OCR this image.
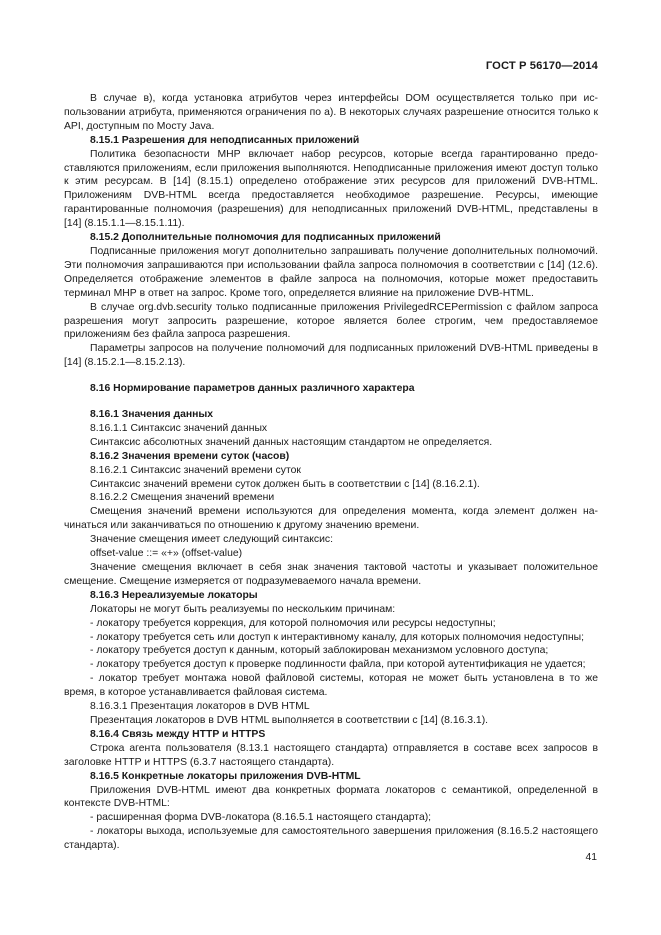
ГОСТ Р 56170—2014

В случае в), когда установка атрибутов через интерфейсы DOM осуществляется только при использовании атрибута, применяются ограничения по а). В некоторых случаях разрешение относится только к API, доступным по Мосту Java.

8.15.1 Разрешения для неподписанных приложений

Политика безопасности МНР включает набор ресурсов, которые всегда гарантированно предоставляются приложениям, если приложения выполняются. Неподписанные приложения имеют доступ только к этим ресурсам. В [14] (8.15.1) определено отображение этих ресурсов для приложений DVB-HTML. Приложениям DVB-HTML всегда предоставляется необходимое разрешение. Ресурсы, имеющие гарантированные полномочия (разрешения) для неподписанных приложений DVB-HTML, представлены в [14] (8.15.1.1—8.15.1.11).

8.15.2 Дополнительные полномочия для подписанных приложений

Подписанные приложения могут дополнительно запрашивать получение дополнительных полномочий. Эти полномочия запрашиваются при использовании файла запроса полномочия в соответствии с [14] (12.6). Определяется отображение элементов в файле запроса на полномочия, которые может предоставить терминал МНР в ответ на запрос. Кроме того, определяется влияние на приложение DVB-HTML.

В случае org.dvb.security только подписанные приложения PrivilegedRCEPermission с файлом запроса разрешения могут запросить разрешение, которое является более строгим, чем предоставляемое приложениям без файла запроса разрешения.

Параметры запросов на получение полномочий для подписанных приложений DVB-HTML приведены в [14] (8.15.2.1—8.15.2.13).

8.16 Нормирование параметров данных различного характера

8.16.1 Значения данных

8.16.1.1 Синтаксис значений данных

Синтаксис абсолютных значений данных настоящим стандартом не определяется.

8.16.2 Значения времени суток (часов)

8.16.2.1 Синтаксис значений времени суток

Синтаксис значений времени суток должен быть в соответствии с [14] (8.16.2.1).

8.16.2.2 Смещения значений времени

Смещения значений времени используются для определения момента, когда элемент должен начинаться или заканчиваться по отношению к другому значению времени.

Значение смещения имеет следующий синтаксис:

offset-value ::= «+» (offset-value)

Значение смещения включает в себя знак значения тактовой частоты и указывает положительное смещение. Смещение измеряется от подразумеваемого начала времени.

8.16.3 Нереализуемые локаторы

Локаторы не могут быть реализуемы по нескольким причинам:

- локатору требуется коррекция, для которой полномочия или ресурсы недоступны;

- локатору требуется сеть или доступ к интерактивному каналу, для которых полномочия недоступны;

- локатору требуется доступ к данным, который заблокирован механизмом условного доступа;

- локатору требуется доступ к проверке подлинности файла, при которой аутентификация не удается;

- локатор требует монтажа новой файловой системы, которая не может быть установлена в то же время, в которое устанавливается файловая система.

8.16.3.1 Презентация локаторов в DVB HTML

Презентация локаторов в DVB HTML выполняется в соответствии с [14] (8.16.3.1).

8.16.4 Связь между HTTP и HTTPS

Строка агента пользователя (8.13.1 настоящего стандарта) отправляется в составе всех запросов в заголовке HTTP и HTTPS (6.3.7 настоящего стандарта).

8.16.5 Конкретные локаторы приложения DVB-HTML

Приложения DVB-HTML имеют два конкретных формата локаторов с семантикой, определенной в контексте DVB-HTML:

- расширенная форма DVB-локатора (8.16.5.1 настоящего стандарта);

- локаторы выхода, используемые для самостоятельного завершения приложения (8.16.5.2 настоящего стандарта).

41
